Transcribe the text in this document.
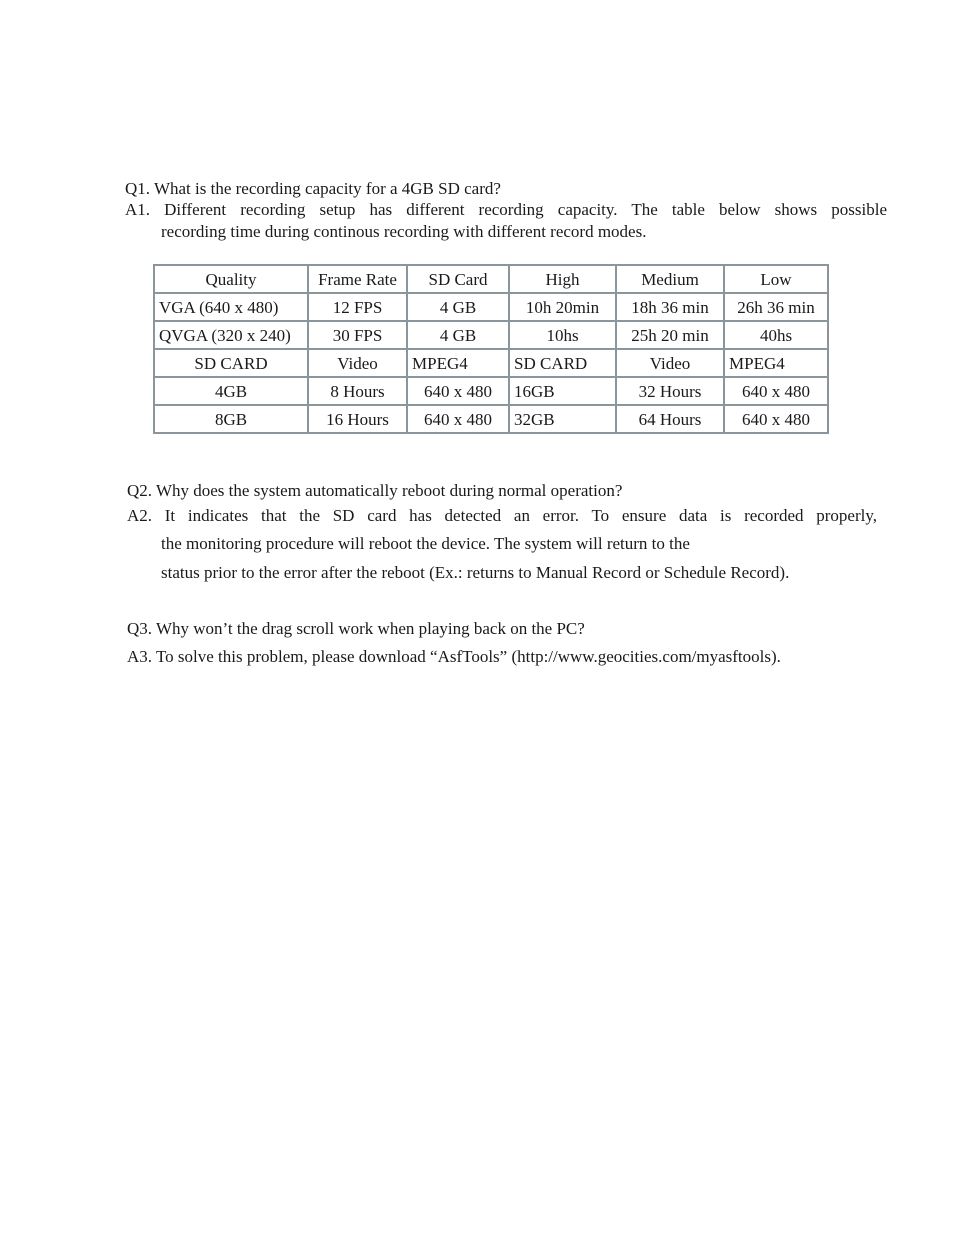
Q1. What is the recording capacity for a 4GB SD card?
A1. Different recording setup has different recording capacity. The table below shows possible
recording time during continous recording with different record modes.
Quality	Frame Rate	SD Card	High	Medium	Low
VGA (640 x 480)	12 FPS	4 GB	10h 20min	18h 36 min	26h 36 min
QVGA (320 x 240)	30 FPS	4 GB	10hs	25h 20 min	40hs
SD CARD	Video	MPEG4	SD CARD	Video	MPEG4
4GB	8 Hours	640 x 480	16GB	32 Hours	640 x 480
8GB	16 Hours	640 x 480	32GB	64 Hours	640 x 480
Q2. Why does the system automatically reboot during normal operation?
A2. It indicates that the SD card has detected an error. To ensure data is recorded properly,
the monitoring procedure will reboot the device. The system will return to the
status prior to the error after the reboot (Ex.: returns to Manual Record or Schedule Record).
Q3. Why won’t the drag scroll work when playing back on the PC?
A3. To solve this problem, please download “AsfTools” (http://www.geocities.com/myasftools).
